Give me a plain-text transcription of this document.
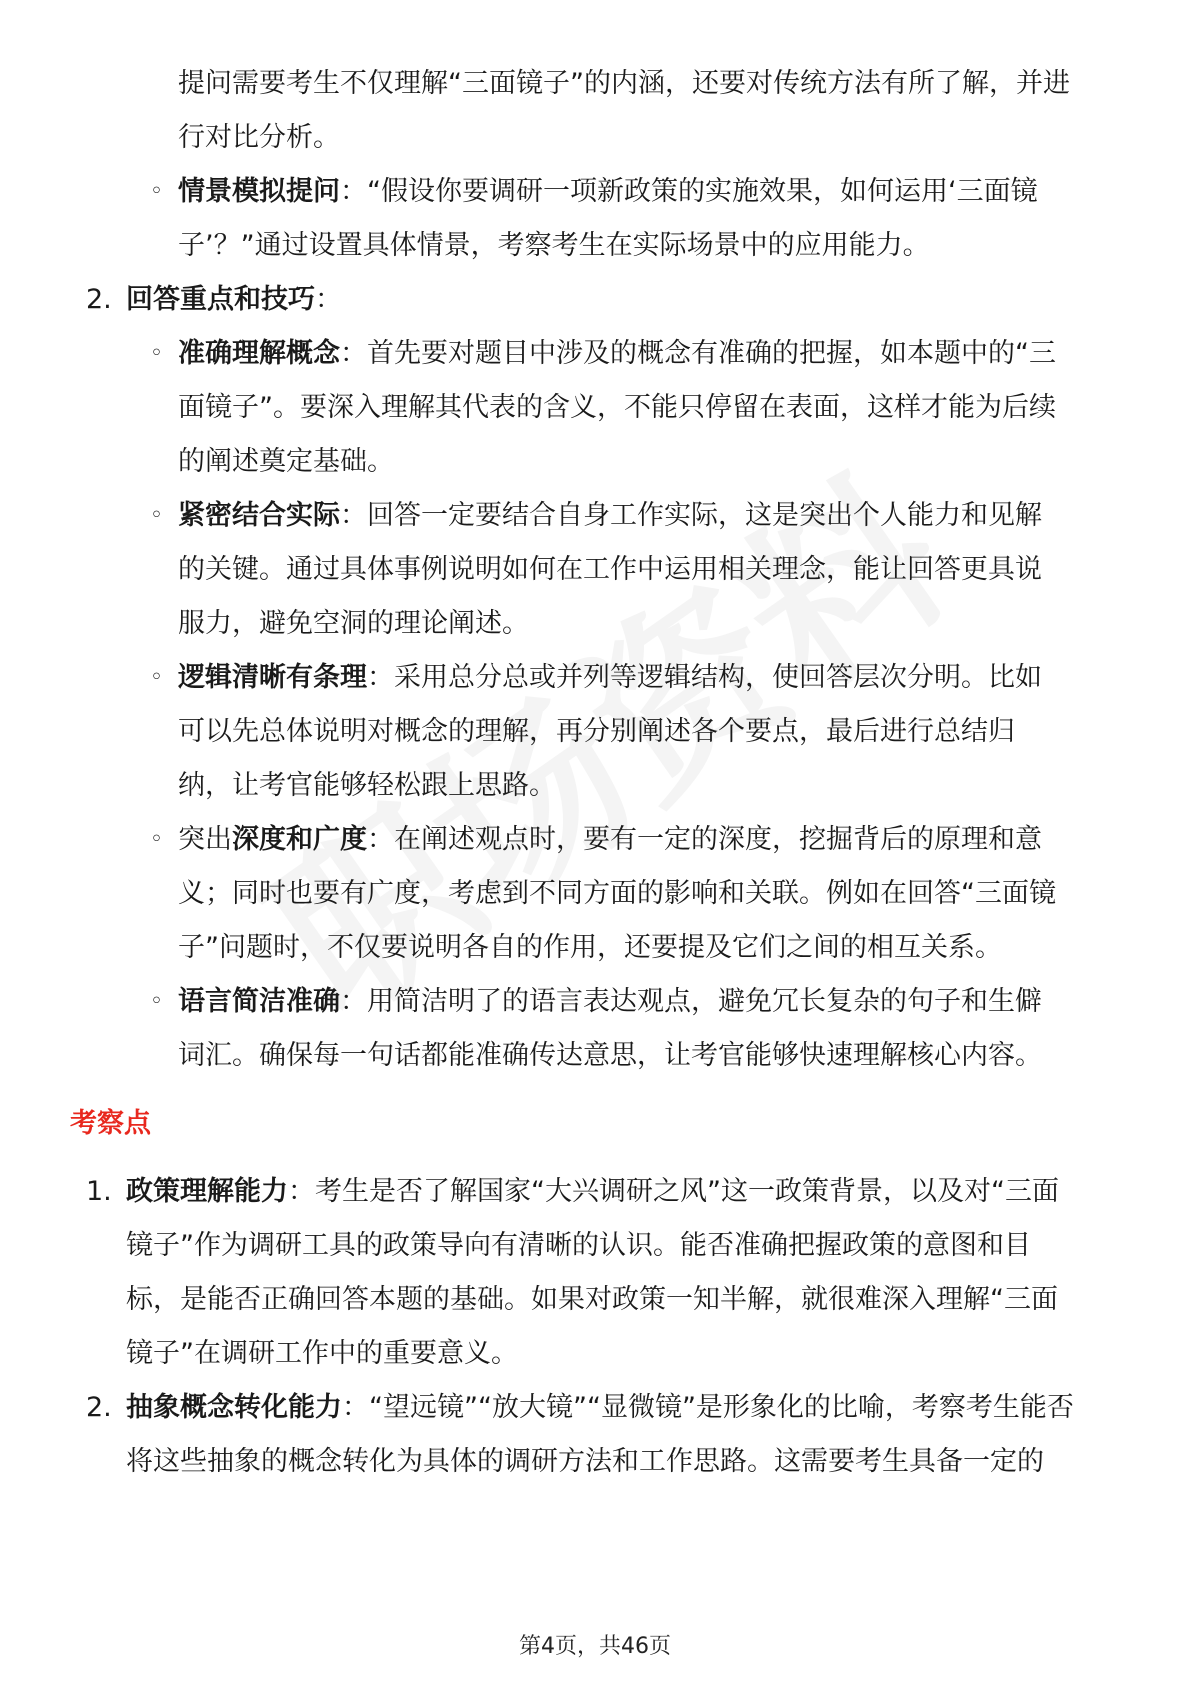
提问需要考生不仅理解“三面镜子”的内涵，还要对传统方法有所了解，并进
行对比分析。
◦ 情景模拟提问：“假设你要调研一项新政策的实施效果，如何运用‘三面镜
子’？”通过设置具体情景，考察考生在实际场景中的应用能力。
2. 回答重点和技巧：
◦ 准确理解概念：首先要对题目中涉及的概念有准确的把握，如本题中的“三
面镜子”。要深入理解其代表的含义，不能只停留在表面，这样才能为后续
的阐述奠定基础。
◦ 紧密结合实际：回答一定要结合自身工作实际，这是突出个人能力和见解
的关键。通过具体事例说明如何在工作中运用相关理念，能让回答更具说
服力，避免空洞的理论阐述。
◦ 逻辑清晰有条理：采用总分总或并列等逻辑结构，使回答层次分明。比如
可以先总体说明对概念的理解，再分别阐述各个要点，最后进行总结归
纳，让考官能够轻松跟上思路。
◦ 突出深度和广度：在阐述观点时，要有一定的深度，挖掘背后的原理和意
义；同时也要有广度，考虑到不同方面的影响和关联。例如在回答“三面镜
子”问题时，不仅要说明各自的作用，还要提及它们之间的相互关系。
◦ 语言简洁准确：用简洁明了的语言表达观点，避免冗长复杂的句子和生僻
词汇。确保每一句话都能准确传达意思，让考官能够快速理解核心内容。
考察点
1. 政策理解能力：考生是否了解国家“大兴调研之风”这一政策背景，以及对“三面
镜子”作为调研工具的政策导向有清晰的认识。能否准确把握政策的意图和目
标，是能否正确回答本题的基础。如果对政策一知半解，就很难深入理解“三面
镜子”在调研工作中的重要意义。
2. 抽象概念转化能力：“望远镜”“放大镜”“显微镜”是形象化的比喻，考察考生能否
将这些抽象的概念转化为具体的调研方法和工作思路。这需要考生具备一定的
第4页，共46页
